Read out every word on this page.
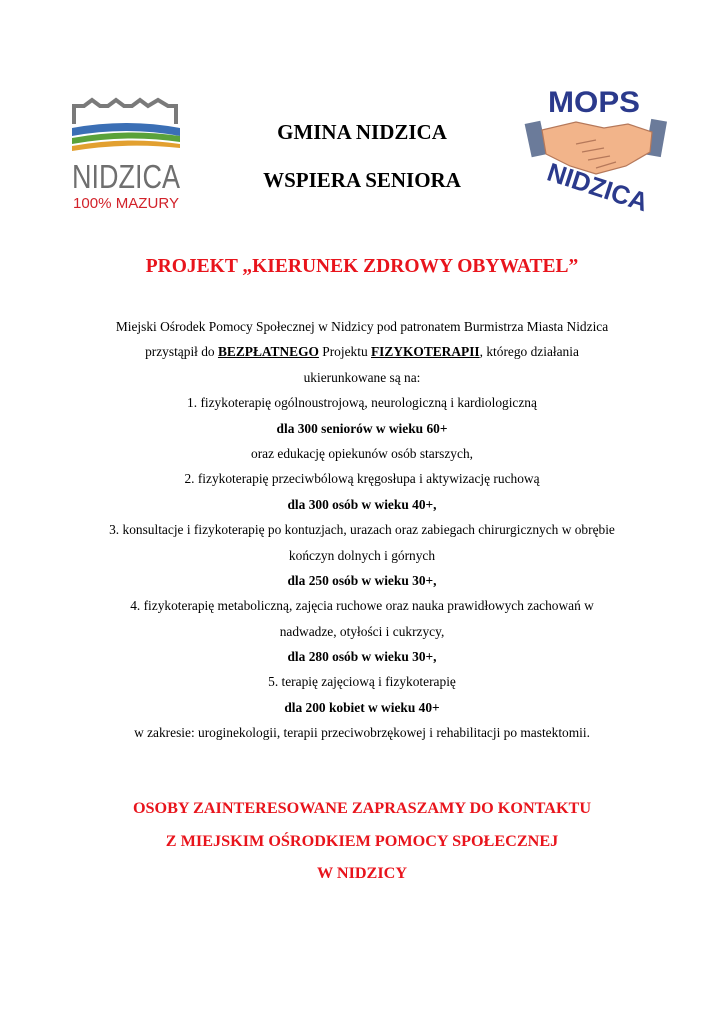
NIDZICA
100% MAZURY
GMINA NIDZICA
WSPIERA SENIORA
MOPS
NIDZICA
PROJEKT „KIERUNEK ZDROWY OBYWATEL”
Miejski Ośrodek Pomocy Społecznej w Nidzicy pod patronatem Burmistrza Miasta Nidzica
przystąpił do BEZPŁATNEGO Projektu FIZYKOTERAPII, którego działania
ukierunkowane są na:
1. fizykoterapię ogólnoustrojową, neurologiczną i kardiologiczną
dla 300 seniorów w wieku 60+
oraz edukację opiekunów osób starszych,
2. fizykoterapię przeciwbólową kręgosłupa i aktywizację ruchową
dla 300 osób w wieku 40+,
3. konsultacje i fizykoterapię po kontuzjach, urazach oraz zabiegach chirurgicznych w obrębie
kończyn dolnych i górnych
dla 250 osób w wieku 30+,
4. fizykoterapię metaboliczną, zajęcia ruchowe oraz nauka prawidłowych zachowań w
nadwadze, otyłości i cukrzycy,
dla 280 osób w wieku 30+,
5. terapię zajęciową i fizykoterapię
dla 200 kobiet w wieku 40+
w zakresie: uroginekologii, terapii przeciwobrzękowej i rehabilitacji po mastektomii.
OSOBY ZAINTERESOWANE ZAPRASZAMY DO KONTAKTU
Z MIEJSKIM OŚRODKIEM POMOCY SPOŁECZNEJ
W NIDZICY
